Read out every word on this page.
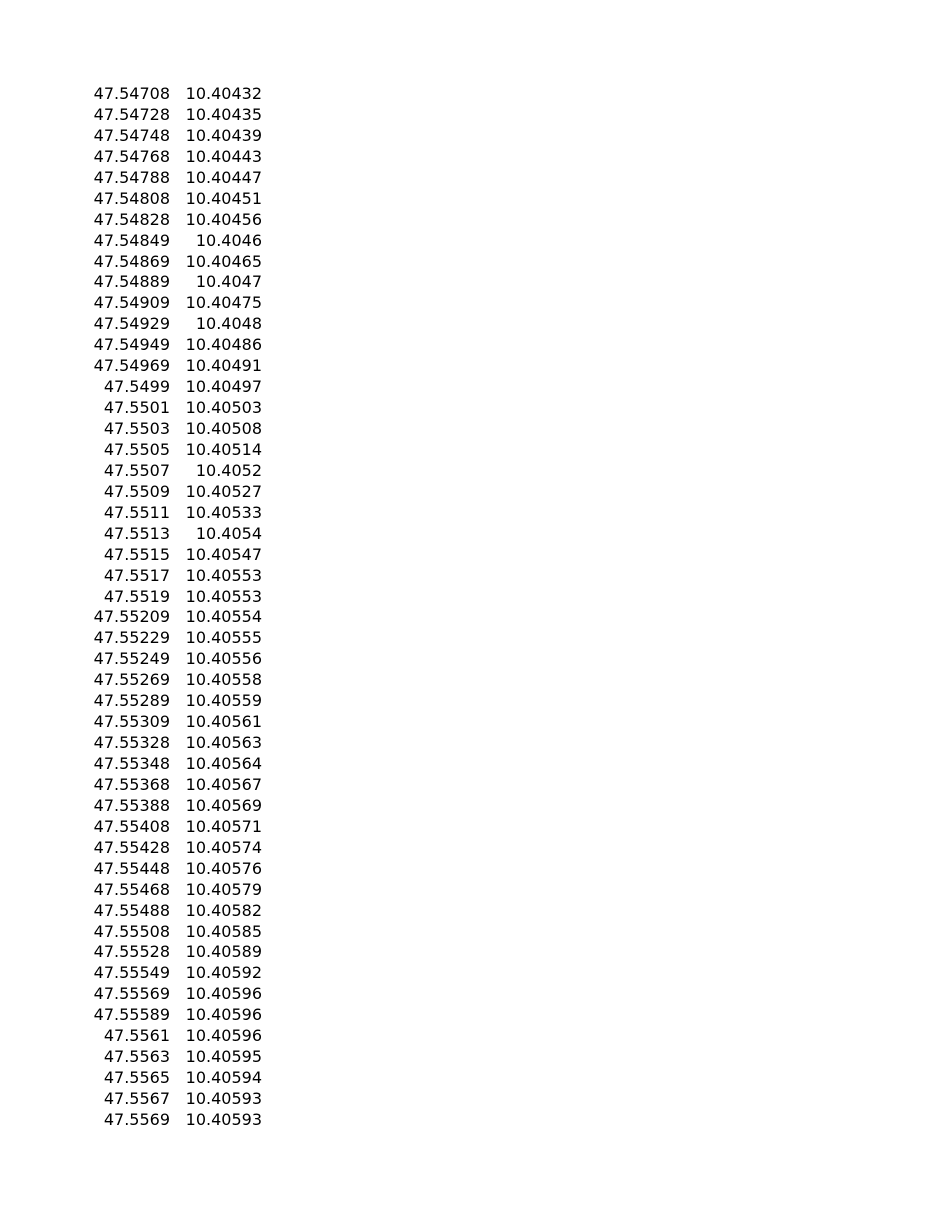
47.54708 10.40432
47.54728 10.40435
47.54748 10.40439
47.54768 10.40443
47.54788 10.40447
47.54808 10.40451
47.54828 10.40456
47.54849	10.4046
47.54869 10.40465
47.54889	10.4047
47.54909 10.40475
47.54929	10.4048
47.54949 10.40486
47.54969 10.40491
47.5499 10.40497
47.5501 10.40503
47.5503 10.40508
47.5505 10.40514
47.5507	10.4052
47.5509 10.40527
47.5511 10.40533
47.5513	10.4054
47.5515 10.40547
47.5517 10.40553
47.5519 10.40553
47.55209 10.40554
47.55229 10.40555
47.55249 10.40556
47.55269 10.40558
47.55289 10.40559
47.55309 10.40561
47.55328 10.40563
47.55348 10.40564
47.55368 10.40567
47.55388 10.40569
47.55408 10.40571
47.55428 10.40574
47.55448 10.40576
47.55468 10.40579
47.55488 10.40582
47.55508 10.40585
47.55528 10.40589
47.55549 10.40592
47.55569 10.40596
47.55589 10.40596
47.5561 10.40596
47.5563 10.40595
47.5565 10.40594
47.5567 10.40593
47.5569 10.40593
